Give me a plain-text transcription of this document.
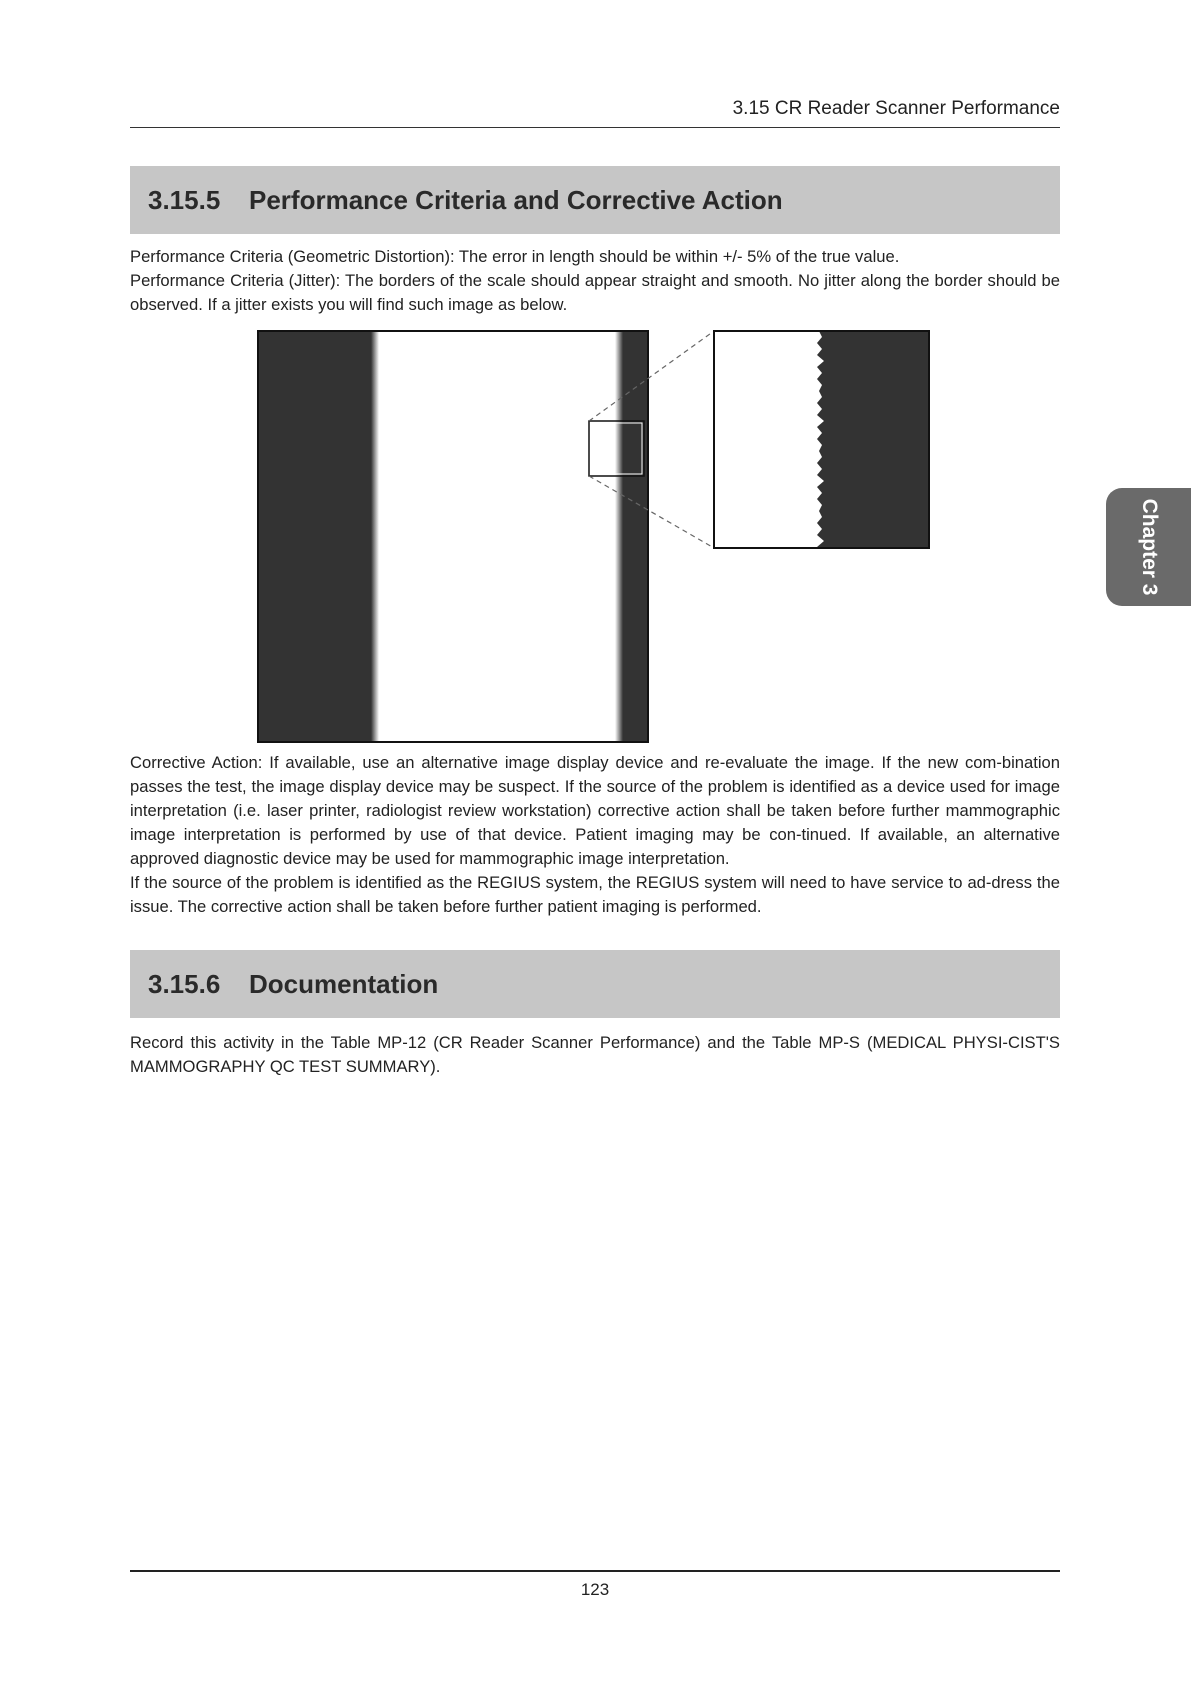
3.15 CR Reader Scanner Performance
Chapter 3
3.15.5	Performance Criteria and Corrective Action

Performance Criteria (Geometric Distortion): The error in length should be within +/- 5% of the true value.

Performance Criteria (Jitter): The borders of the scale should appear straight and smooth. No jitter along the border should be observed. If a jitter exists you will find such image as below.

Corrective Action: If available, use an alternative image display device and re-evaluate the image. If the new com-bination passes the test, the image display device may be suspect. If the source of the problem is identified as a device used for image interpretation (i.e. laser printer, radiologist review workstation) corrective action shall be taken before further mammographic image interpretation is performed by use of that device. Patient imaging may be con-tinued. If available, an alternative approved diagnostic device may be used for mammographic image interpretation.

If the source of the problem is identified as the REGIUS system, the REGIUS system will need to have service to ad-dress the issue. The corrective action shall be taken before further patient imaging is performed.

3.15.6	Documentation

Record this activity in the Table MP-12 (CR Reader Scanner Performance) and the Table MP-S (MEDICAL PHYSI-CIST'S MAMMOGRAPHY QC TEST SUMMARY).

123
